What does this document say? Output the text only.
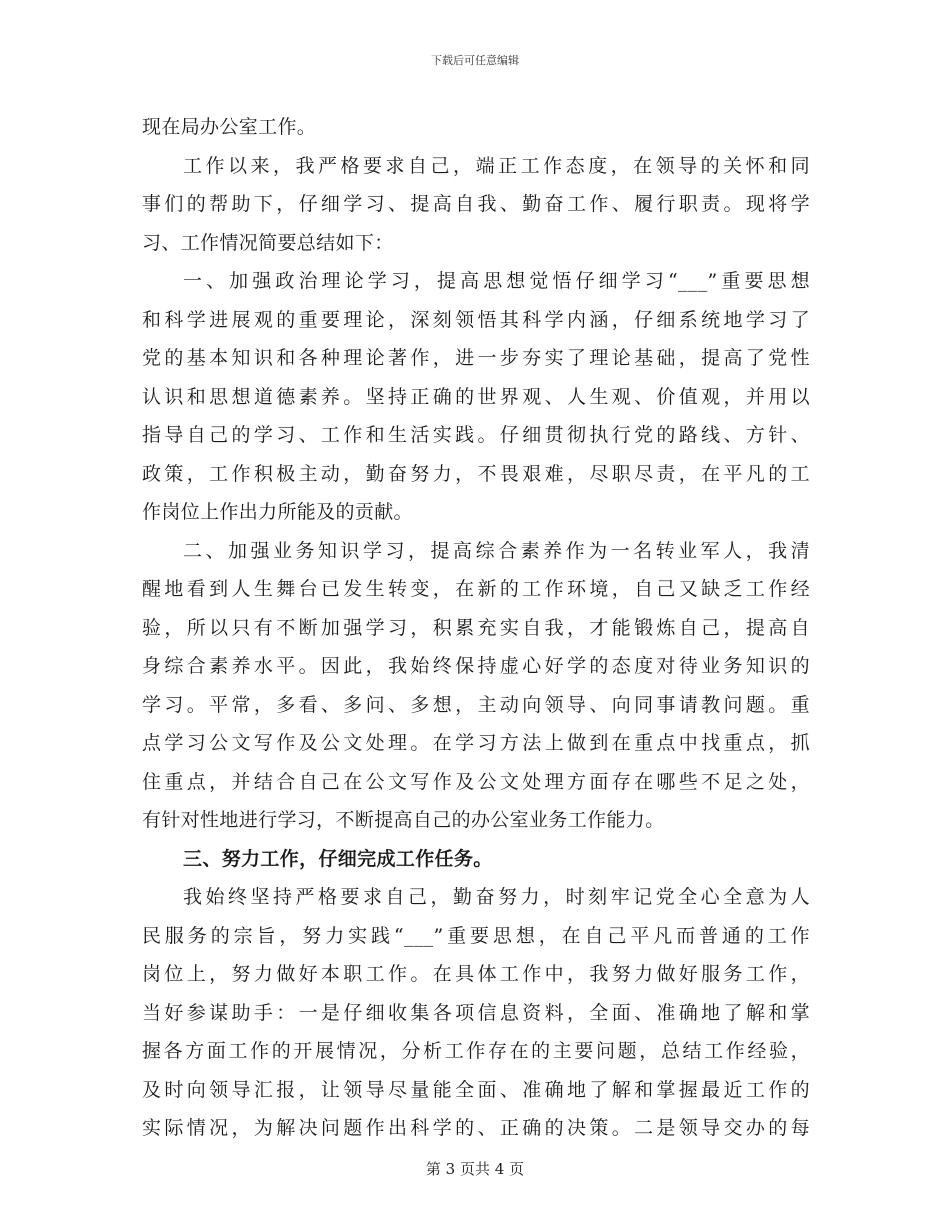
下载后可任意编辑
现在局办公室工作。
工作以来，我严格要求自己，端正工作态度，在领导的关怀和同
事们的帮助下，仔细学习、提高自我、勤奋工作、履行职责。现将学
习、工作情况简要总结如下：
一、加强政治理论学习，提高思想觉悟仔细学习“___”重要思想
和科学进展观的重要理论，深刻领悟其科学内涵，仔细系统地学习了
党的基本知识和各种理论著作，进一步夯实了理论基础，提高了党性
认识和思想道德素养。坚持正确的世界观、人生观、价值观，并用以
指导自己的学习、工作和生活实践。仔细贯彻执行党的路线、方针、
政策，工作积极主动，勤奋努力，不畏艰难，尽职尽责，在平凡的工
作岗位上作出力所能及的贡献。
二、加强业务知识学习，提高综合素养作为一名转业军人，我清
醒地看到人生舞台已发生转变，在新的工作环境，自己又缺乏工作经
验，所以只有不断加强学习，积累充实自我，才能锻炼自己，提高自
身综合素养水平。因此，我始终保持虚心好学的态度对待业务知识的
学习。平常，多看、多问、多想，主动向领导、向同事请教问题。重
点学习公文写作及公文处理。在学习方法上做到在重点中找重点，抓
住重点，并结合自己在公文写作及公文处理方面存在哪些不足之处，
有针对性地进行学习，不断提高自己的办公室业务工作能力。
三、努力工作，仔细完成工作任务。
我始终坚持严格要求自己，勤奋努力，时刻牢记党全心全意为人
民服务的宗旨，努力实践“___”重要思想，在自己平凡而普通的工作
岗位上，努力做好本职工作。在具体工作中，我努力做好服务工作，
当好参谋助手：一是仔细收集各项信息资料，全面、准确地了解和掌
握各方面工作的开展情况，分析工作存在的主要问题，总结工作经验，
及时向领导汇报，让领导尽量能全面、准确地了解和掌握最近工作的
实际情况，为解决问题作出科学的、正确的决策。二是领导交办的每
第 3 页共 4 页
